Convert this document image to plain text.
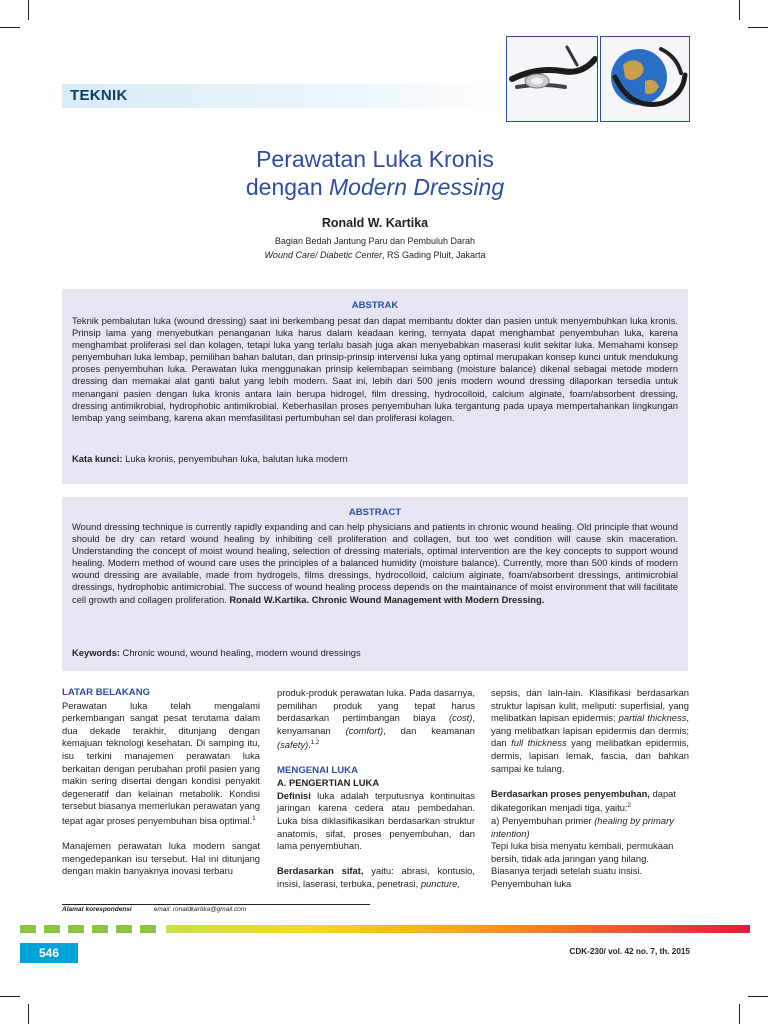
TEKNIK
Perawatan Luka Kronis
dengan Modern Dressing
Ronald W. Kartika
Bagian Bedah Jantung Paru dan Pembuluh Darah
Wound Care/ Diabetic Center, RS Gading Pluit, Jakarta
ABSTRAK
Teknik pembalutan luka (wound dressing) saat ini berkembang pesat dan dapat membantu dokter dan pasien untuk menyembuhkan luka kronis. Prinsip lama yang menyebutkan penanganan luka harus dalam keadaan kering, ternyata dapat menghambat penyembuhan luka, karena menghambat proliferasi sel dan kolagen, tetapi luka yang terlalu basah juga akan menyebabkan maserasi kulit sekitar luka. Memahami konsep penyembuhan luka lembap, pemilihan bahan balutan, dan prinsip-prinsip intervensi luka yang optimal merupakan konsep kunci untuk mendukung proses penyembuhan luka. Perawatan luka menggunakan prinsip kelembapan seimbang (moisture balance) dikenal sebagai metode modern dressing dan memakai alat ganti balut yang lebih modern. Saat ini, lebih dari 500 jenis modern wound dressing dilaporkan tersedia untuk menangani pasien dengan luka kronis antara lain berupa hidrogel, film dressing, hydrocolloid, calcium alginate, foam/absorbent dressing, dressing antimikrobial, hydrophobic antimikrobial. Keberhasilan proses penyembuhan luka tergantung pada upaya mempertahankan lingkungan lembap yang seimbang, karena akan memfasilitasi pertumbuhan sel dan proliferasi kolagen.
Kata kunci: Luka kronis, penyembuhan luka, balutan luka modern
ABSTRACT
Wound dressing technique is currently rapidly expanding and can help physicians and patients in chronic wound healing. Old principle that wound should be dry can retard wound healing by inhibiting cell proliferation and collagen, but too wet condition will cause skin maceration. Understanding the concept of moist wound healing, selection of dressing materials, optimal intervention are the key concepts to support wound healing. Modern method of wound care uses the principles of a balanced humidity (moisture balance). Currently, more than 500 kinds of modern wound dressing are available, made from hydrogels, films dressings, hydrocolloid, calcium alginate, foam/absorbent dressings, antimicrobial dressings, hydrophobic antimicrobial. The success of wound healing process depends on the maintainance of moist environment that will facilitate cell growth and collagen proliferation. Ronald W.Kartika. Chronic Wound Management with Modern Dressing.
Keywords: Chronic wound, wound healing, modern wound dressings

LATAR BELAKANG

Perawatan luka telah mengalami perkembangan sangat pesat terutama dalam dua dekade terakhir, ditunjang dengan kemajuan teknologi kesehatan. Di samping itu, isu terkini manajemen perawatan luka berkaitan dengan perubahan profil pasien yang makin sering disertai dengan kondisi penyakit degeneratif dan kelainan metabolik. Kondisi tersebut biasanya memerlukan perawatan yang tepat agar proses penyembuhan bisa optimal.$^1$

Manajemen perawatan luka modern sangat mengedepankan isu tersebut. Hal ini ditunjang dengan makin banyaknya inovasi terbaru

produk-produk perawatan luka. Pada dasarnya, pemilihan produk yang tepat harus berdasarkan pertimbangan biaya (cost), kenyamanan (comfort), dan keamanan (safety).$^{1,2}$

MENGENAI LUKA

A. PENGERTIAN LUKA

Definisi luka adalah terputusnya kontinuitas jaringan karena cedera atau pembedahan. Luka bisa diklasifikasikan berdasarkan struktur anatomis, sifat, proses penyembuhan, dan lama penyembuhan.

Berdasarkan sifat, yaitu: abrasi, kontusio, insisi, laserasi, terbuka, penetrasi, puncture,

sepsis, dan lain-lain. Klasifikasi berdasarkan struktur lapisan kulit, meliputi: superfisial, yang melibatkan lapisan epidermis; partial thickness, yang melibatkan lapisan epidermis dan dermis; dan full thickness yang melibatkan epidermis, dermis, lapisan lemak, fascia, dan bahkan sampai ke tulang.

Berdasarkan proses penyembuhan, dapat dikategorikan menjadi tiga, yaitu:$^2$

a) Penyembuhan primer (healing by primary intention)

Tepi luka bisa menyatu kembali, permukaan bersih, tidak ada jaringan yang hilang. Biasanya terjadi setelah suatu insisi. Penyembuhan luka

Alamat korespondensi	email: ronaldkartika@gmail.com
546	CDK-230/ vol. 42 no. 7, th. 2015
